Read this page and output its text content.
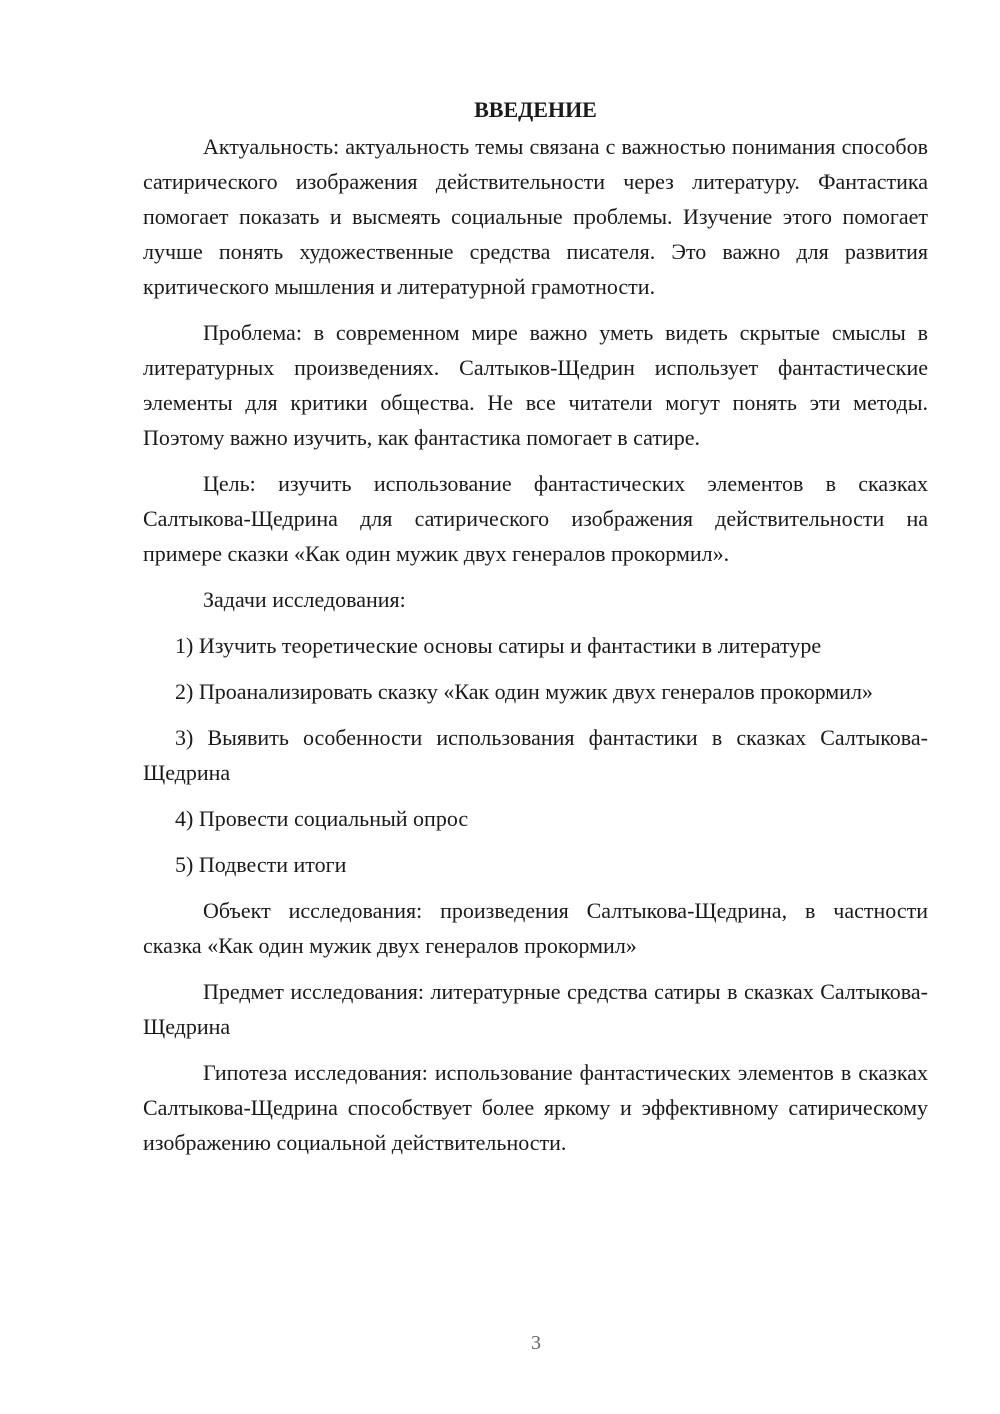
ВВЕДЕНИЕ

Актуальность: актуальность темы связана с важностью понимания способов сатирического изображения действительности через литературу. Фантастика помогает показать и высмеять социальные проблемы. Изучение этого помогает лучше понять художественные средства писателя. Это важно для развития критического мышления и литературной грамотности.

Проблема: в современном мире важно уметь видеть скрытые смыслы в литературных произведениях. Салтыков-Щедрин использует фантастические элементы для критики общества. Не все читатели могут понять эти методы. Поэтому важно изучить, как фантастика помогает в сатире.

Цель: изучить использование фантастических элементов в сказках Салтыкова-Щедрина для сатирического изображения действительности на примере сказки «Как один мужик двух генералов прокормил».

Задачи исследования:

1) Изучить теоретические основы сатиры и фантастики в литературе

2) Проанализировать сказку «Как один мужик двух генералов прокормил»

3) Выявить особенности использования фантастики в сказках Салтыкова-Щедрина

4) Провести социальный опрос

5) Подвести итоги

Объект исследования: произведения Салтыкова-Щедрина, в частности сказка «Как один мужик двух генералов прокормил»

Предмет исследования: литературные средства сатиры в сказках Салтыкова-Щедрина

Гипотеза исследования: использование фантастических элементов в сказках Салтыкова-Щедрина способствует более яркому и эффективному сатирическому изображению социальной действительности.

3
